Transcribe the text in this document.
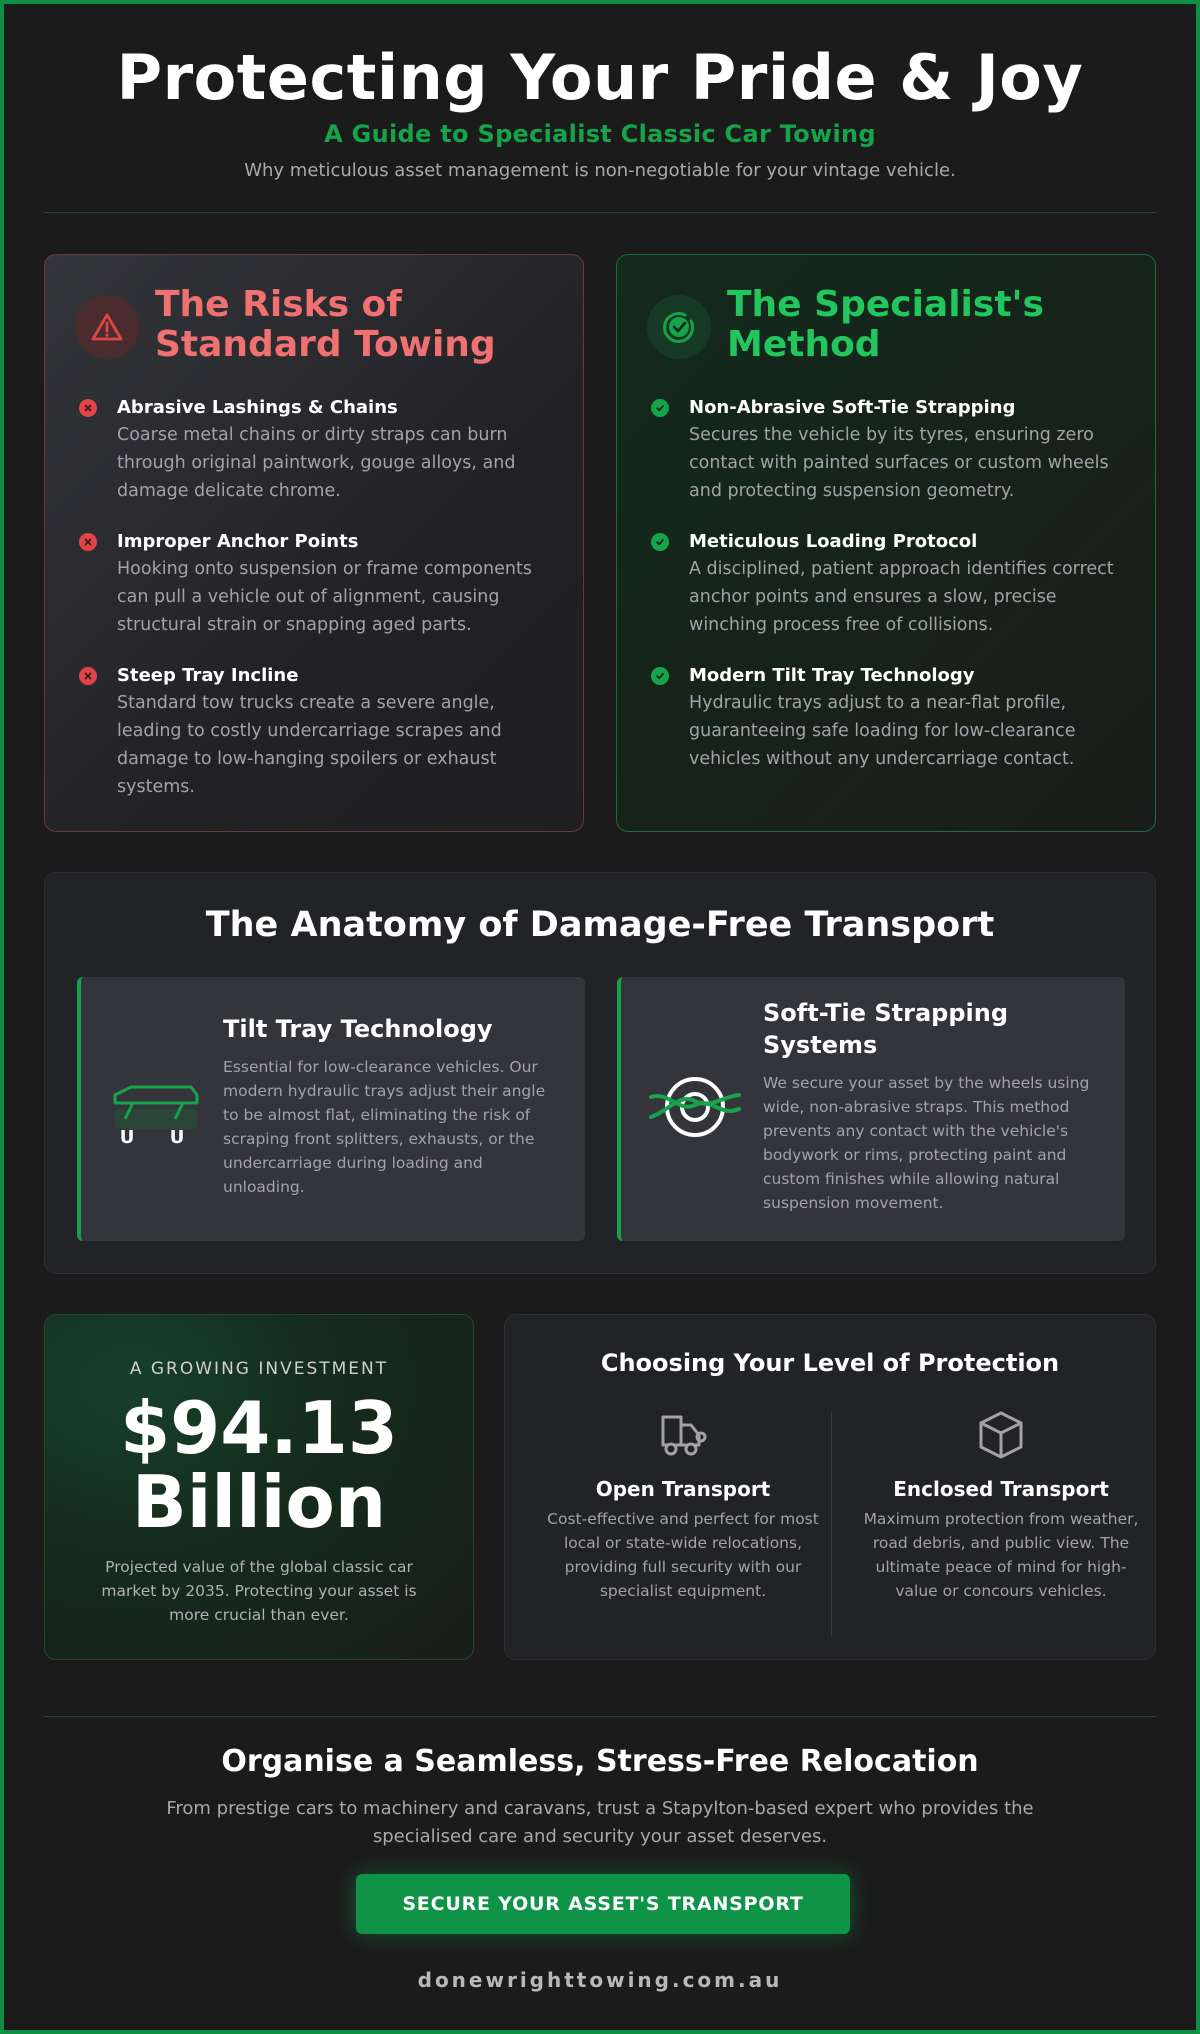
Protecting Your Pride & Joy
A Guide to Specialist Classic Car Towing

Why meticulous asset management is non-negotiable for your vintage vehicle.

The Risks of Standard Towing
Abrasive Lashings & Chains
Coarse metal chains or dirty straps can burn through original paintwork, gouge alloys, and damage delicate chrome.
Improper Anchor Points
Hooking onto suspension or frame components can pull a vehicle out of alignment, causing structural strain or snapping aged parts.
Steep Tray Incline
Standard tow trucks create a severe angle, leading to costly undercarriage scrapes and damage to low-hanging spoilers or exhaust systems.
The Specialist's Method
Non-Abrasive Soft-Tie Strapping
Secures the vehicle by its tyres, ensuring zero contact with painted surfaces or custom wheels and protecting suspension geometry.
Meticulous Loading Protocol
A disciplined, patient approach identifies correct anchor points and ensures a slow, precise winching process free of collisions.
Modern Tilt Tray Technology
Hydraulic trays adjust to a near-flat profile, guaranteeing safe loading for low-clearance vehicles without any undercarriage contact.
The Anatomy of Damage-Free Transport
U U
Tilt Tray Technology
Essential for low-clearance vehicles. Our modern hydraulic trays adjust their angle to be almost flat, eliminating the risk of scraping front splitters, exhausts, or the undercarriage during loading and unloading.
Soft-Tie Strapping Systems
We secure your asset by the wheels using wide, non-abrasive straps. This method prevents any contact with the vehicle's bodywork or rims, protecting paint and custom finishes while allowing natural suspension movement.
A GROWING INVESTMENT
$94.13 Billion
Projected value of the global classic car market by 2035. Protecting your asset is more crucial than ever.
Choosing Your Level of Protection
Open Transport
Cost-effective and perfect for most local or state-wide relocations, providing full security with our specialist equipment.
Enclosed Transport
Maximum protection from weather, road debris, and public view. The ultimate peace of mind for high-value or concours vehicles.
Organise a Seamless, Stress-Free Relocation

From prestige cars to machinery and caravans, trust a Stapylton-based expert who provides the specialised care and security your asset deserves.

SECURE YOUR ASSET'S TRANSPORT
donewrighttowing.com.au
